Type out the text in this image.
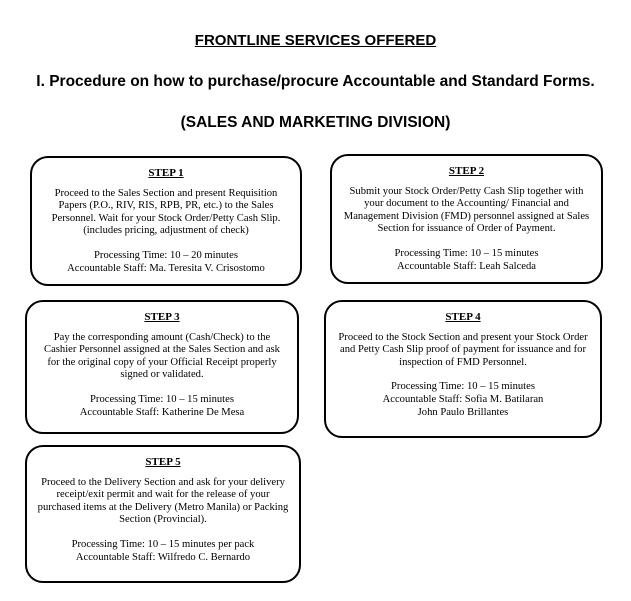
FRONTLINE SERVICES OFFERED
I. Procedure on how to purchase/procure Accountable and Standard Forms.
(SALES AND MARKETING DIVISION)
STEP 1

Proceed to the Sales Section and present Requisition Papers (P.O., RIV, RIS, RPB, PR, etc.) to the Sales Personnel. Wait for your Stock Order/Petty Cash Slip. (includes pricing, adjustment of check)

Processing Time: 10 – 20 minutes

Accountable Staff: Ma. Teresita V. Crisostomo

STEP 2

Submit your Stock Order/Petty Cash Slip together with your document to the Accounting/ Financial and Management Division (FMD) personnel assigned at Sales Section for issuance of Order of Payment.

Processing Time: 10 – 15 minutes

Accountable Staff: Leah Salceda

STEP 3

Pay the corresponding amount (Cash/Check) to the Cashier Personnel assigned at the Sales Section and ask for the original copy of your Official Receipt properly signed or validated.

Processing Time: 10 – 15 minutes

Accountable Staff: Katherine De Mesa

STEP 4

Proceed to the Stock Section and present your Stock Order and Petty Cash Slip proof of payment for issuance and for inspection of FMD Personnel.

Processing Time: 10 – 15 minutes

Accountable Staff: Sofia M. Batilaran

John Paulo Brillantes

STEP 5

Proceed to the Delivery Section and ask for your delivery receipt/exit permit and wait for the release of your purchased items at the Delivery (Metro Manila) or Packing Section (Provincial).

Processing Time: 10 – 15 minutes per pack

Accountable Staff: Wilfredo C. Bernardo
